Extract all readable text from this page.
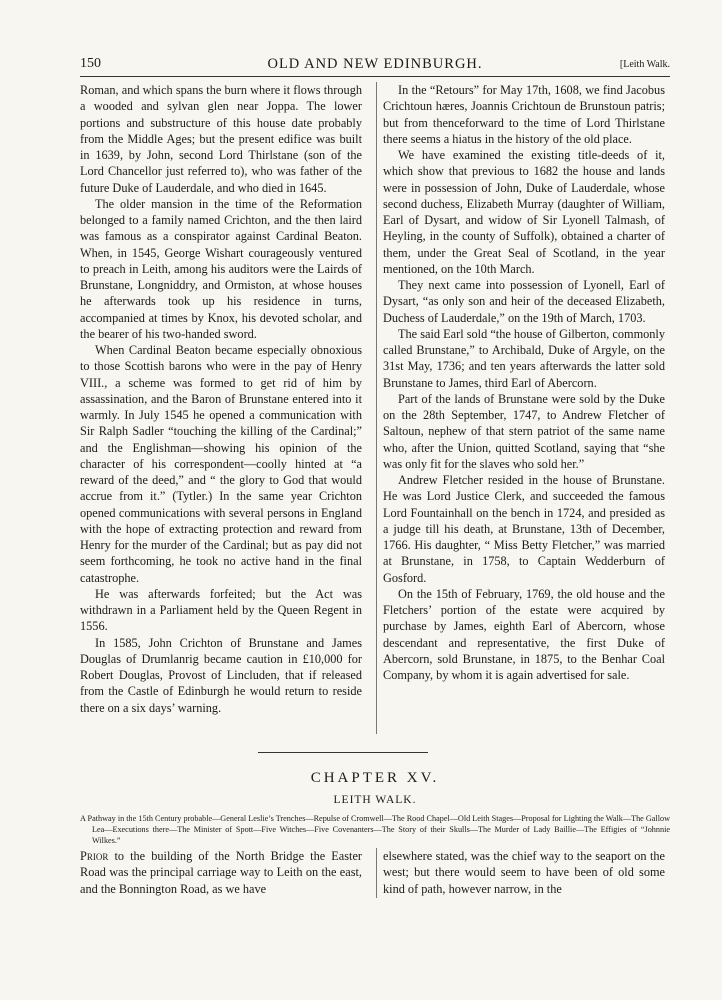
150	OLD AND NEW EDINBURGH.	[Leith Walk.

Roman, and which spans the burn where it flows through a wooded and sylvan glen near Joppa. The lower portions and substructure of this house date probably from the Middle Ages; but the present edifice was built in 1639, by John, second Lord Thirlstane (son of the Lord Chancellor just referred to), who was father of the future Duke of Lauderdale, and who died in 1645.

The older mansion in the time of the Reformation belonged to a family named Crichton, and the then laird was famous as a conspirator against Cardinal Beaton. When, in 1545, George Wishart courageously ventured to preach in Leith, among his auditors were the Lairds of Brunstane, Longniddry, and Ormiston, at whose houses he afterwards took up his residence in turns, accompanied at times by Knox, his devoted scholar, and the bearer of his two-handed sword.

When Cardinal Beaton became especially obnoxious to those Scottish barons who were in the pay of Henry VIII., a scheme was formed to get rid of him by assassination, and the Baron of Brunstane entered into it warmly. In July 1545 he opened a communication with Sir Ralph Sadler “touching the killing of the Cardinal;” and the Englishman—showing his opinion of the character of his correspondent—coolly hinted at “a reward of the deed,” and “ the glory to God that would accrue from it.” (Tytler.) In the same year Crichton opened communications with several persons in England with the hope of extracting protection and reward from Henry for the murder of the Cardinal; but as pay did not seem forthcoming, he took no active hand in the final catastrophe.

He was afterwards forfeited; but the Act was withdrawn in a Parliament held by the Queen Regent in 1556.

In 1585, John Crichton of Brunstane and James Douglas of Drumlanrig became caution in £10,000 for Robert Douglas, Provost of Lincluden, that if released from the Castle of Edinburgh he would return to reside there on a six days’ warning.

In the “Retours” for May 17th, 1608, we find Jacobus Crichtoun hæres, Joannis Crichtoun de Brunstoun patris; but from thenceforward to the time of Lord Thirlstane there seems a hiatus in the history of the old place.

We have examined the existing title-deeds of it, which show that previous to 1682 the house and lands were in possession of John, Duke of Lauderdale, whose second duchess, Elizabeth Murray (daughter of William, Earl of Dysart, and widow of Sir Lyonell Talmash, of Heyling, in the county of Suffolk), obtained a charter of them, under the Great Seal of Scotland, in the year mentioned, on the 10th March.

They next came into possession of Lyonell, Earl of Dysart, “as only son and heir of the deceased Elizabeth, Duchess of Lauderdale,” on the 19th of March, 1703.

The said Earl sold “the house of Gilberton, commonly called Brunstane,” to Archibald, Duke of Argyle, on the 31st May, 1736; and ten years afterwards the latter sold Brunstane to James, third Earl of Abercorn.

Part of the lands of Brunstane were sold by the Duke on the 28th September, 1747, to Andrew Fletcher of Saltoun, nephew of that stern patriot of the same name who, after the Union, quitted Scotland, saying that “she was only fit for the slaves who sold her.”

Andrew Fletcher resided in the house of Brunstane. He was Lord Justice Clerk, and succeeded the famous Lord Fountainhall on the bench in 1724, and presided as a judge till his death, at Brunstane, 13th of December, 1766. His daughter, “ Miss Betty Fletcher,” was married at Brunstane, in 1758, to Captain Wedderburn of Gosford.

On the 15th of February, 1769, the old house and the Fletchers’ portion of the estate were acquired by purchase by James, eighth Earl of Abercorn, whose descendant and representative, the first Duke of Abercorn, sold Brunstane, in 1875, to the Benhar Coal Company, by whom it is again advertised for sale.

CHAPTER XV.
LEITH WALK.
A Pathway in the 15th Century probable—General Leslie’s Trenches—Repulse of Cromwell—The Rood Chapel—Old Leith Stages—Proposal for Lighting the Walk—The Gallow Lea—Executions there—The Minister of Spott—Five Witches—Five Covenanters—The Story of their Skulls—The Murder of Lady Baillie—The Effigies of “Johnnie Wilkes.”

Prior to the building of the North Bridge the Easter Road was the principal carriage way to Leith on the east, and the Bonnington Road, as we have

elsewhere stated, was the chief way to the seaport on the west; but there would seem to have been of old some kind of path, however narrow, in the
